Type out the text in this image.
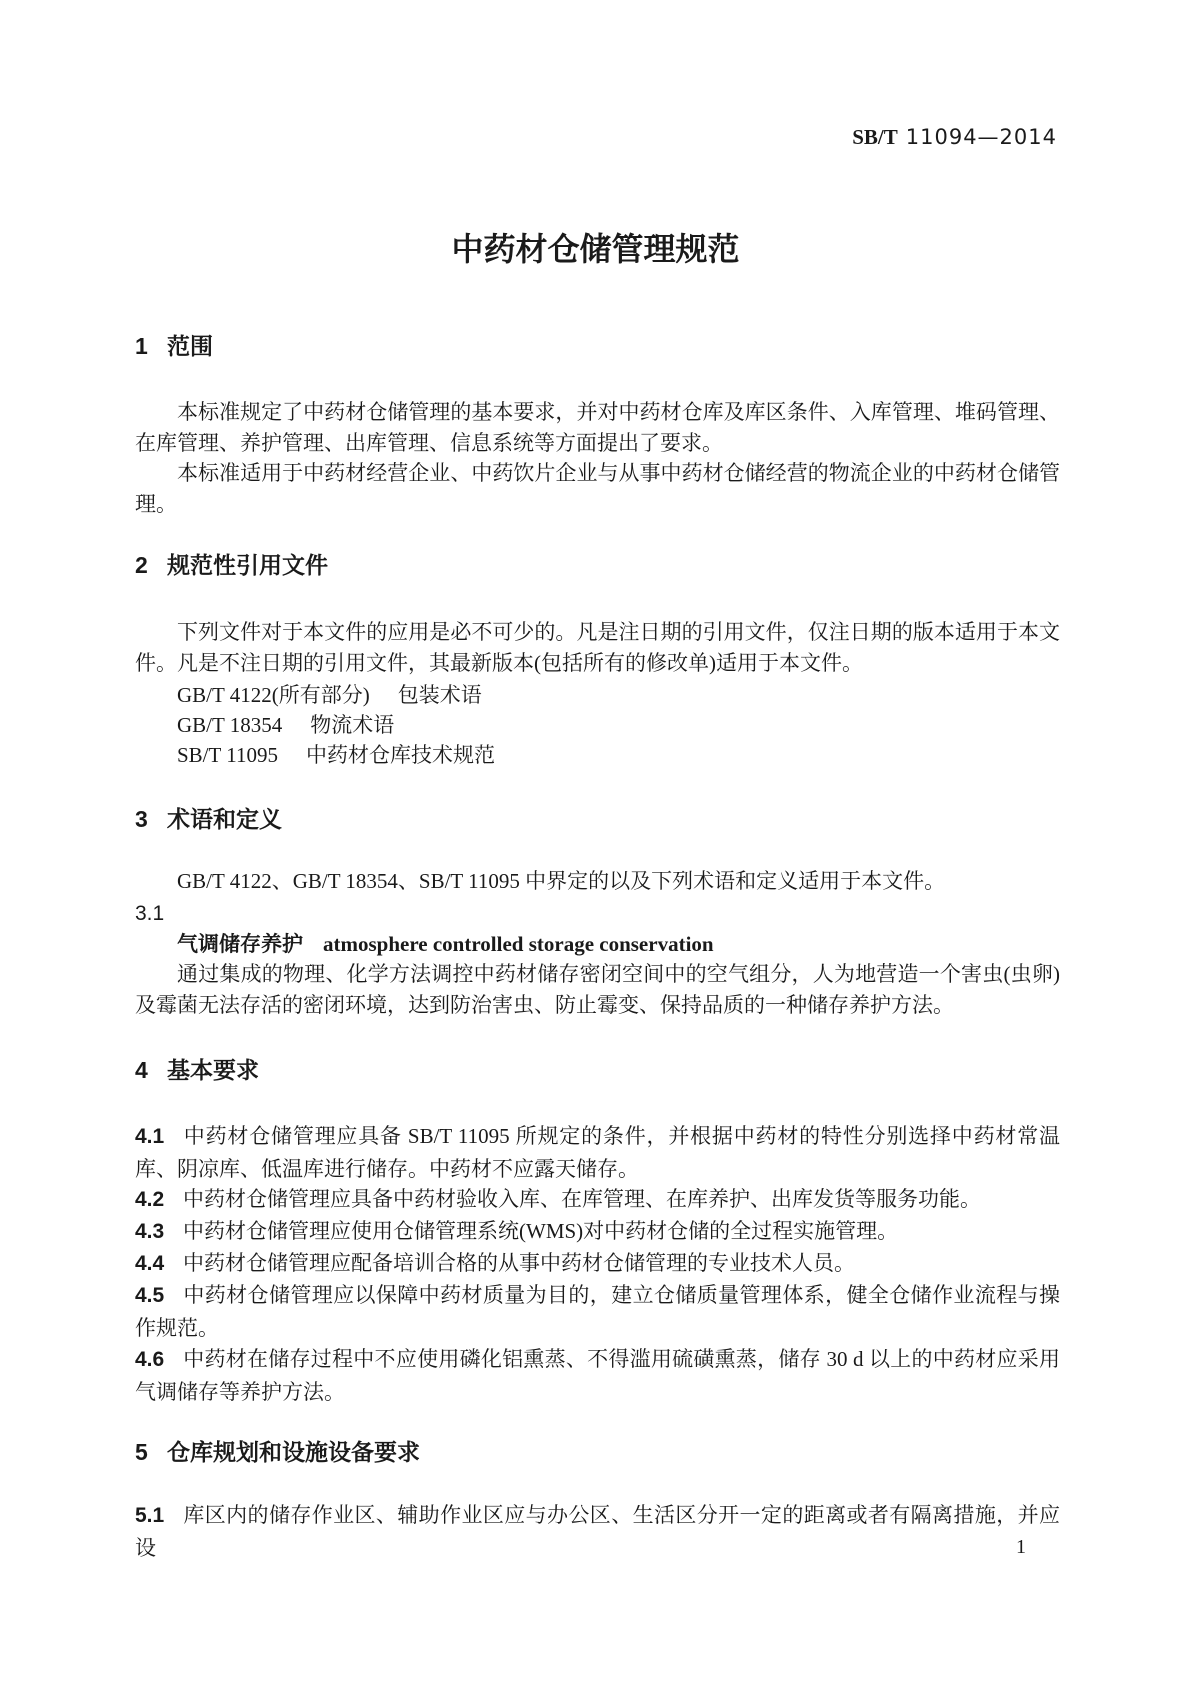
SB/T 11094—2014
中药材仓储管理规范
1 范围
本标准规定了中药材仓储管理的基本要求，并对中药材仓库及库区条件、入库管理、堆码管理、在库管理、养护管理、出库管理、信息系统等方面提出了要求。
本标准适用于中药材经营企业、中药饮片企业与从事中药材仓储经营的物流企业的中药材仓储管理。
2 规范性引用文件
下列文件对于本文件的应用是必不可少的。凡是注日期的引用文件，仅注日期的版本适用于本文件。凡是不注日期的引用文件，其最新版本(包括所有的修改单)适用于本文件。
GB/T 4122(所有部分) 包装术语
GB/T 18354 物流术语
SB/T 11095 中药材仓库技术规范
3 术语和定义
GB/T 4122、GB/T 18354、SB/T 11095 中界定的以及下列术语和定义适用于本文件。
3.1
气调储存养护 atmosphere controlled storage conservation
通过集成的物理、化学方法调控中药材储存密闭空间中的空气组分，人为地营造一个害虫(虫卵)及霉菌无法存活的密闭环境，达到防治害虫、防止霉变、保持品质的一种储存养护方法。
4 基本要求
4.1 中药材仓储管理应具备 SB/T 11095 所规定的条件，并根据中药材的特性分别选择中药材常温库、阴凉库、低温库进行储存。中药材不应露天储存。
4.2 中药材仓储管理应具备中药材验收入库、在库管理、在库养护、出库发货等服务功能。
4.3 中药材仓储管理应使用仓储管理系统(WMS)对中药材仓储的全过程实施管理。
4.4 中药材仓储管理应配备培训合格的从事中药材仓储管理的专业技术人员。
4.5 中药材仓储管理应以保障中药材质量为目的，建立仓储质量管理体系，健全仓储作业流程与操作规范。
4.6 中药材在储存过程中不应使用磷化铝熏蒸、不得滥用硫磺熏蒸，储存 30 d 以上的中药材应采用气调储存等养护方法。
5 仓库规划和设施设备要求
5.1 库区内的储存作业区、辅助作业区应与办公区、生活区分开一定的距离或者有隔离措施，并应设	1
